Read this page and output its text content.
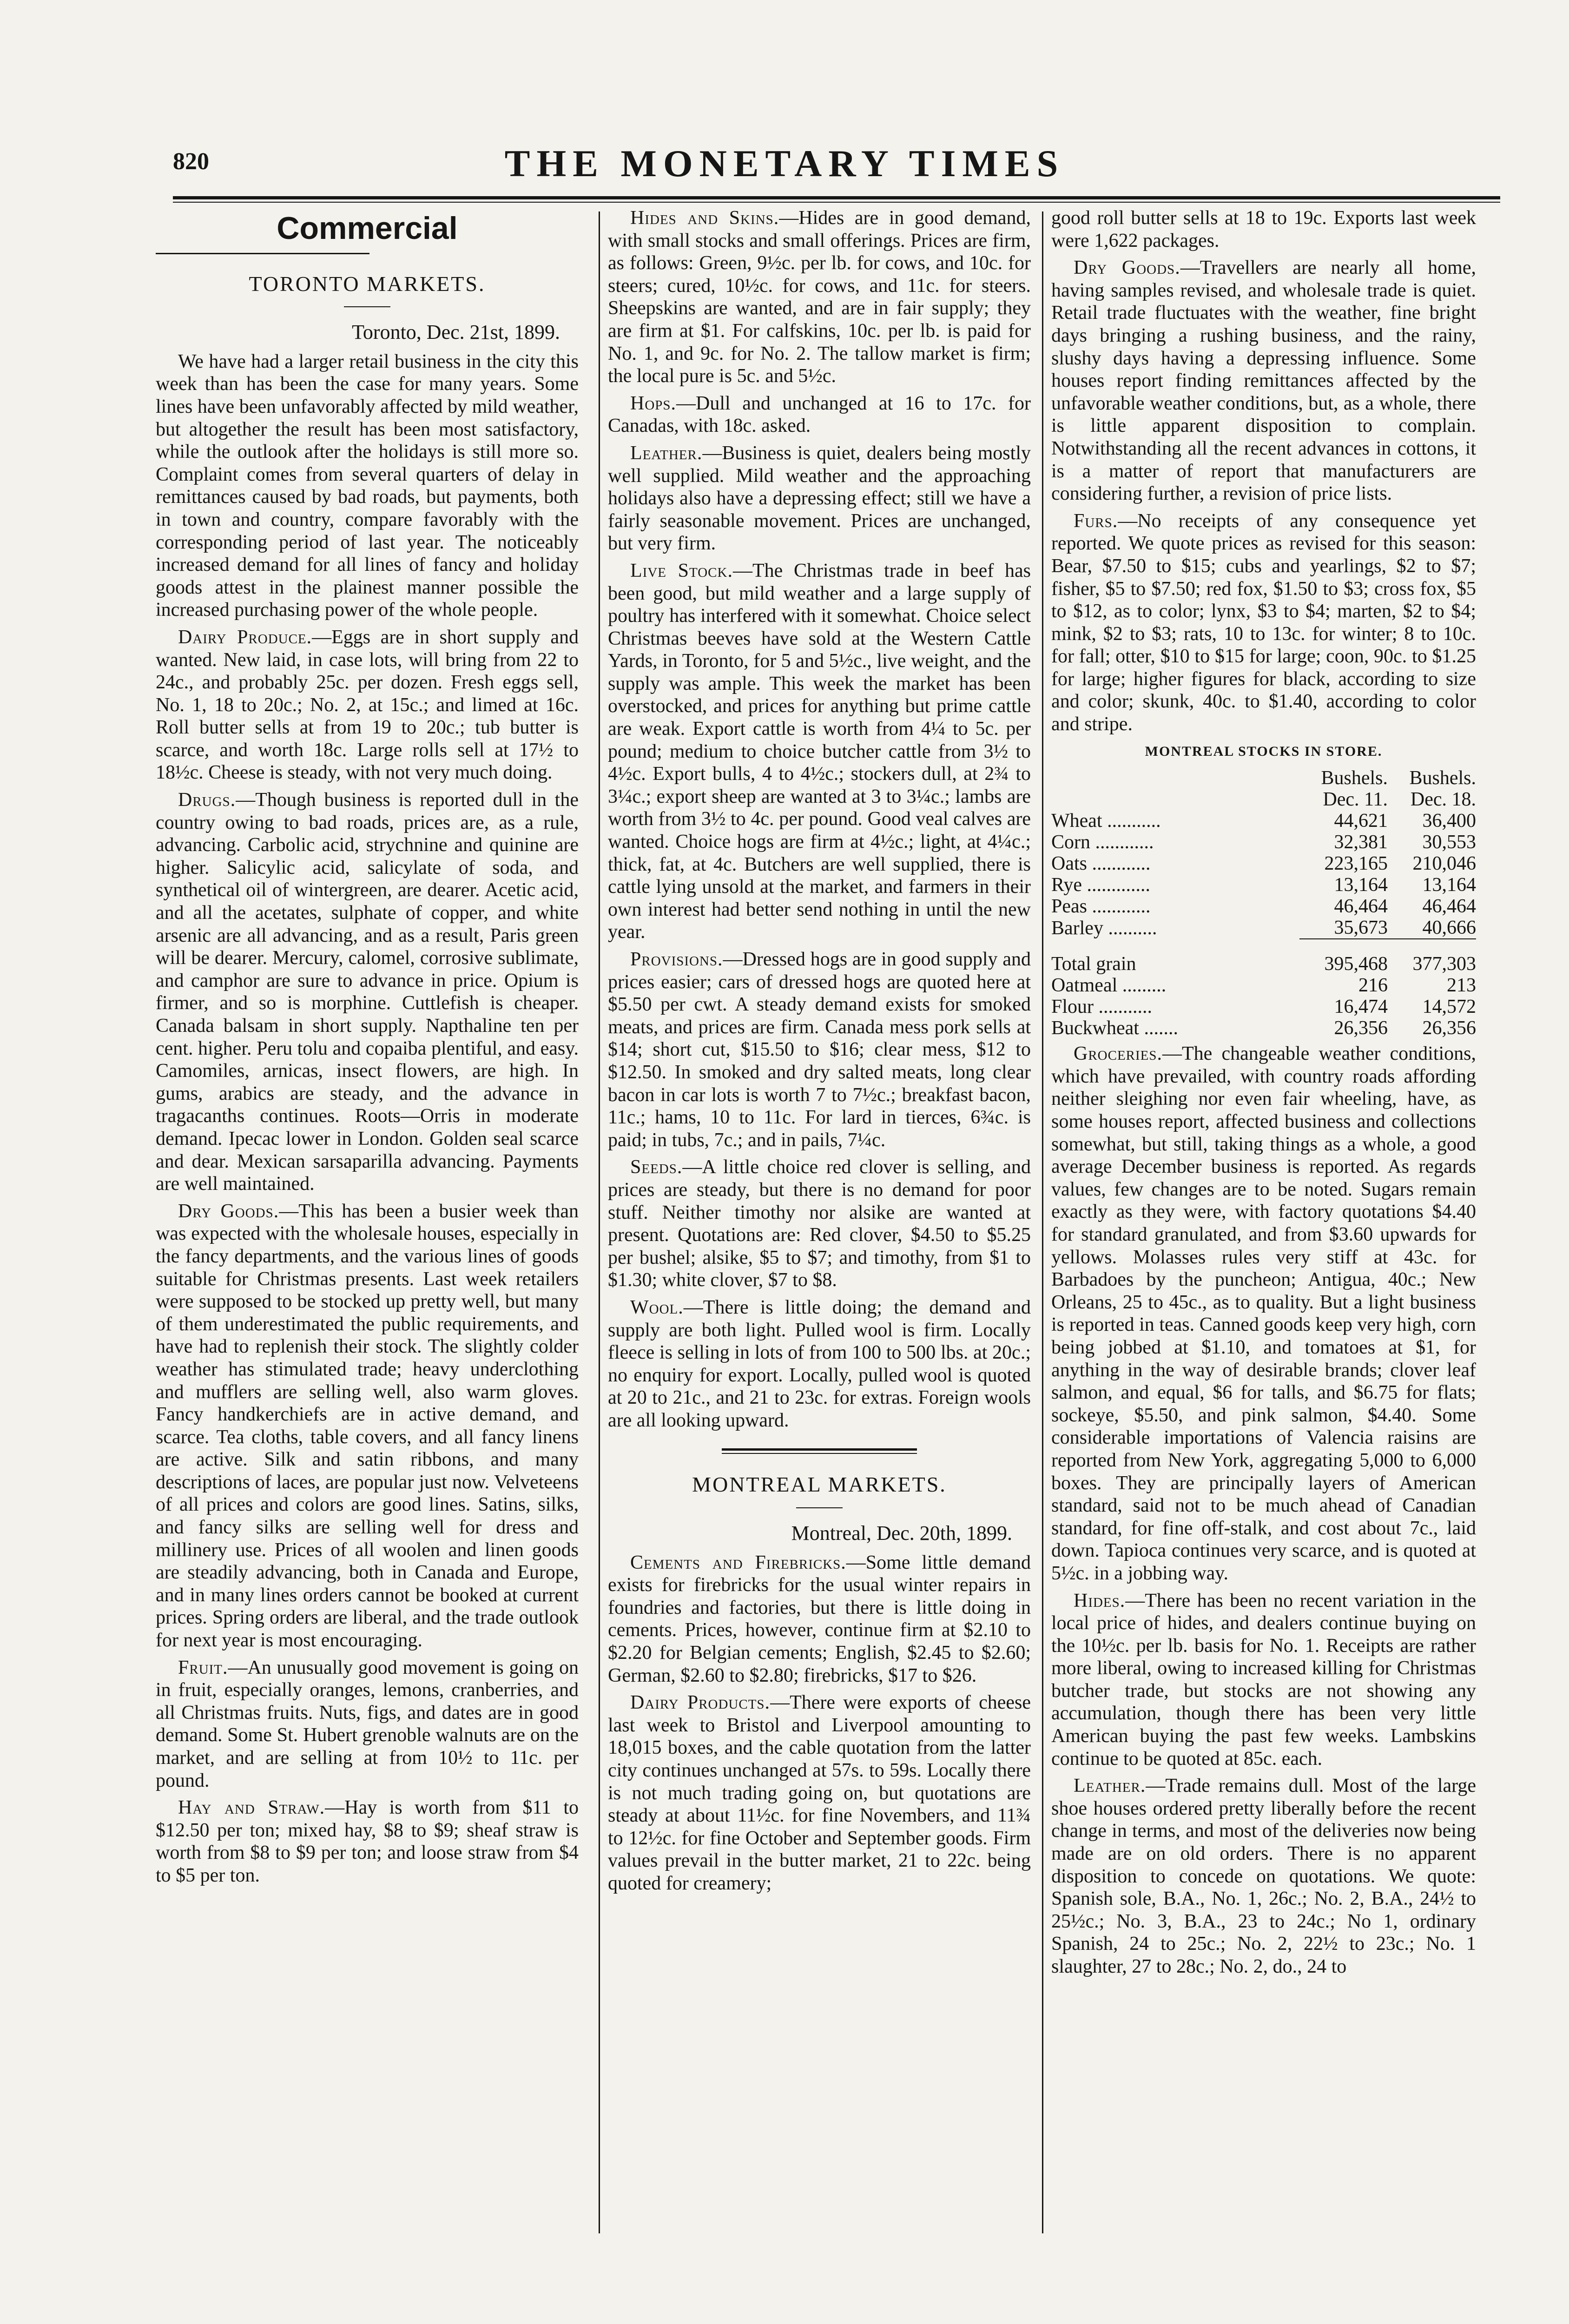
820	THE MONETARY TIMES
Commercial
TORONTO MARKETS.
Toronto, Dec. 21st, 1899.

We have had a larger retail business in the city this week than has been the case for many years. Some lines have been unfavorably affected by mild weather, but altogether the result has been most satisfactory, while the outlook after the holidays is still more so. Complaint comes from several quarters of delay in remittances caused by bad roads, but payments, both in town and country, compare favorably with the corresponding period of last year. The noticeably increased demand for all lines of fancy and holiday goods attest in the plainest manner possible the increased purchasing power of the whole people.

Dairy Produce.—Eggs are in short supply and wanted. New laid, in case lots, will bring from 22 to 24c., and probably 25c. per dozen. Fresh eggs sell, No. 1, 18 to 20c.; No. 2, at 15c.; and limed at 16c. Roll butter sells at from 19 to 20c.; tub butter is scarce, and worth 18c. Large rolls sell at 17½ to 18½c. Cheese is steady, with not very much doing.

Drugs.—Though business is reported dull in the country owing to bad roads, prices are, as a rule, advancing. Carbolic acid, strychnine and quinine are higher. Salicylic acid, salicylate of soda, and synthetical oil of wintergreen, are dearer. Acetic acid, and all the acetates, sulphate of copper, and white arsenic are all advancing, and as a result, Paris green will be dearer. Mercury, calomel, corrosive sublimate, and camphor are sure to advance in price. Opium is firmer, and so is morphine. Cuttlefish is cheaper. Canada balsam in short supply. Napthaline ten per cent. higher. Peru tolu and copaiba plentiful, and easy. Camomiles, arnicas, insect flowers, are high. In gums, arabics are steady, and the advance in tragacanths continues. Roots—Orris in moderate demand. Ipecac lower in London. Golden seal scarce and dear. Mexican sarsaparilla advancing. Payments are well maintained.

Dry Goods.—This has been a busier week than was expected with the wholesale houses, especially in the fancy departments, and the various lines of goods suitable for Christmas presents. Last week retailers were supposed to be stocked up pretty well, but many of them underestimated the public requirements, and have had to replenish their stock. The slightly colder weather has stimulated trade; heavy underclothing and mufflers are selling well, also warm gloves. Fancy handkerchiefs are in active demand, and scarce. Tea cloths, table covers, and all fancy linens are active. Silk and satin ribbons, and many descriptions of laces, are popular just now. Velveteens of all prices and colors are good lines. Satins, silks, and fancy silks are selling well for dress and millinery use. Prices of all woolen and linen goods are steadily advancing, both in Canada and Europe, and in many lines orders cannot be booked at current prices. Spring orders are liberal, and the trade outlook for next year is most encouraging.

Fruit.—An unusually good movement is going on in fruit, especially oranges, lemons, cranberries, and all Christmas fruits. Nuts, figs, and dates are in good demand. Some St. Hubert grenoble walnuts are on the market, and are selling at from 10½ to 11c. per pound.

Hay and Straw.—Hay is worth from $11 to $12.50 per ton; mixed hay, $8 to $9; sheaf straw is worth from $8 to $9 per ton; and loose straw from $4 to $5 per ton.

Hides and Skins.—Hides are in good demand, with small stocks and small offerings. Prices are firm, as follows: Green, 9½c. per lb. for cows, and 10c. for steers; cured, 10½c. for cows, and 11c. for steers. Sheepskins are wanted, and are in fair supply; they are firm at $1. For calfskins, 10c. per lb. is paid for No. 1, and 9c. for No. 2. The tallow market is firm; the local pure is 5c. and 5½c.

Hops.—Dull and unchanged at 16 to 17c. for Canadas, with 18c. asked.

Leather.—Business is quiet, dealers being mostly well supplied. Mild weather and the approaching holidays also have a depressing effect; still we have a fairly seasonable movement. Prices are unchanged, but very firm.

Live Stock.—The Christmas trade in beef has been good, but mild weather and a large supply of poultry has interfered with it somewhat. Choice select Christmas beeves have sold at the Western Cattle Yards, in Toronto, for 5 and 5½c., live weight, and the supply was ample. This week the market has been overstocked, and prices for anything but prime cattle are weak. Export cattle is worth from 4¼ to 5c. per pound; medium to choice butcher cattle from 3½ to 4½c. Export bulls, 4 to 4½c.; stockers dull, at 2¾ to 3¼c.; export sheep are wanted at 3 to 3¼c.; lambs are worth from 3½ to 4c. per pound. Good veal calves are wanted. Choice hogs are firm at 4½c.; light, at 4¼c.; thick, fat, at 4c. Butchers are well supplied, there is cattle lying unsold at the market, and farmers in their own interest had better send nothing in until the new year.

Provisions.—Dressed hogs are in good supply and prices easier; cars of dressed hogs are quoted here at $5.50 per cwt. A steady demand exists for smoked meats, and prices are firm. Canada mess pork sells at $14; short cut, $15.50 to $16; clear mess, $12 to $12.50. In smoked and dry salted meats, long clear bacon in car lots is worth 7 to 7½c.; breakfast bacon, 11c.; hams, 10 to 11c. For lard in tierces, 6¾c. is paid; in tubs, 7c.; and in pails, 7¼c.

Seeds.—A little choice red clover is selling, and prices are steady, but there is no demand for poor stuff. Neither timothy nor alsike are wanted at present. Quotations are: Red clover, $4.50 to $5.25 per bushel; alsike, $5 to $7; and timothy, from $1 to $1.30; white clover, $7 to $8.

Wool.—There is little doing; the demand and supply are both light. Pulled wool is firm. Locally fleece is selling in lots of from 100 to 500 lbs. at 20c.; no enquiry for export. Locally, pulled wool is quoted at 20 to 21c., and 21 to 23c. for extras. Foreign wools are all looking upward.

MONTREAL MARKETS.
Montreal, Dec. 20th, 1899.

Cements and Firebricks.—Some little demand exists for firebricks for the usual winter repairs in foundries and factories, but there is little doing in cements. Prices, however, continue firm at $2.10 to $2.20 for Belgian cements; English, $2.45 to $2.60; German, $2.60 to $2.80; firebricks, $17 to $26.

Dairy Products.—There were exports of cheese last week to Bristol and Liverpool amounting to 18,015 boxes, and the cable quotation from the latter city continues unchanged at 57s. to 59s. Locally there is not much trading going on, but quotations are steady at about 11½c. for fine Novembers, and 11¾ to 12½c. for fine October and September goods. Firm values prevail in the butter market, 21 to 22c. being quoted for creamery;

good roll butter sells at 18 to 19c. Exports last week were 1,622 packages.

Dry Goods.—Travellers are nearly all home, having samples revised, and wholesale trade is quiet. Retail trade fluctuates with the weather, fine bright days bringing a rushing business, and the rainy, slushy days having a depressing influence. Some houses report finding remittances affected by the unfavorable weather conditions, but, as a whole, there is little apparent disposition to complain. Notwithstanding all the recent advances in cottons, it is a matter of report that manufacturers are considering further, a revision of price lists.

Furs.—No receipts of any consequence yet reported. We quote prices as revised for this season: Bear, $7.50 to $15; cubs and yearlings, $2 to $7; fisher, $5 to $7.50; red fox, $1.50 to $3; cross fox, $5 to $12, as to color; lynx, $3 to $4; marten, $2 to $4; mink, $2 to $3; rats, 10 to 13c. for winter; 8 to 10c. for fall; otter, $10 to $15 for large; coon, 90c. to $1.25 for large; higher figures for black, according to size and color; skunk, 40c. to $1.40, according to color and stripe.

MONTREAL STOCKS IN STORE.
	Bushels.	Bushels.
	Dec. 11.	Dec. 18.
Wheat ...........	44,621	36,400
Corn ............	32,381	30,553
Oats ............	223,165	210,046
Rye .............	13,164	13,164
Peas ............	46,464	46,464
Barley ..........	35,673	40,666
Total grain	395,468	377,303
Oatmeal .........	216	213
Flour ...........	16,474	14,572
Buckwheat .......	26,356	26,356

Groceries.—The changeable weather conditions, which have prevailed, with country roads affording neither sleighing nor even fair wheeling, have, as some houses report, affected business and collections somewhat, but still, taking things as a whole, a good average December business is reported. As regards values, few changes are to be noted. Sugars remain exactly as they were, with factory quotations $4.40 for standard granulated, and from $3.60 upwards for yellows. Molasses rules very stiff at 43c. for Barbadoes by the puncheon; Antigua, 40c.; New Orleans, 25 to 45c., as to quality. But a light business is reported in teas. Canned goods keep very high, corn being jobbed at $1.10, and tomatoes at $1, for anything in the way of desirable brands; clover leaf salmon, and equal, $6 for talls, and $6.75 for flats; sockeye, $5.50, and pink salmon, $4.40. Some considerable importations of Valencia raisins are reported from New York, aggregating 5,000 to 6,000 boxes. They are principally layers of American standard, said not to be much ahead of Canadian standard, for fine off-stalk, and cost about 7c., laid down. Tapioca continues very scarce, and is quoted at 5½c. in a jobbing way.

Hides.—There has been no recent variation in the local price of hides, and dealers continue buying on the 10½c. per lb. basis for No. 1. Receipts are rather more liberal, owing to increased killing for Christmas butcher trade, but stocks are not showing any accumulation, though there has been very little American buying the past few weeks. Lambskins continue to be quoted at 85c. each.

Leather.—Trade remains dull. Most of the large shoe houses ordered pretty liberally before the recent change in terms, and most of the deliveries now being made are on old orders. There is no apparent disposition to concede on quotations. We quote: Spanish sole, B.A., No. 1, 26c.; No. 2, B.A., 24½ to 25½c.; No. 3, B.A., 23 to 24c.; No 1, ordinary Spanish, 24 to 25c.; No. 2, 22½ to 23c.; No. 1 slaughter, 27 to 28c.; No. 2, do., 24 to
